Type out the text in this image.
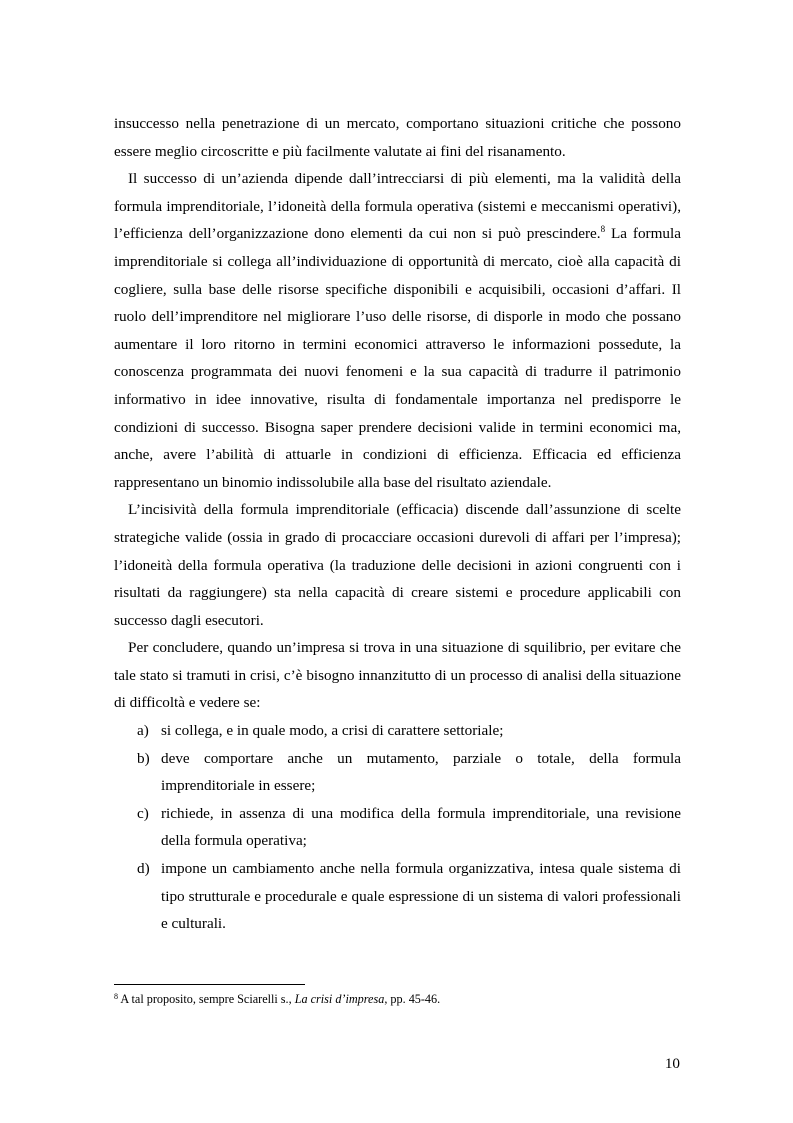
insuccesso nella penetrazione di un mercato, comportano situazioni critiche che possono essere meglio circoscritte e più facilmente valutate ai fini del risanamento.

Il successo di un’azienda dipende dall’intrecciarsi di più elementi, ma la validità della formula imprenditoriale, l’idoneità della formula operativa (sistemi e meccanismi operativi), l’efficienza dell’organizzazione dono elementi da cui non si può prescindere.$^8$ La formula imprenditoriale si collega all’individuazione di opportunità di mercato, cioè alla capacità di cogliere, sulla base delle risorse specifiche disponibili e acquisibili, occasioni d’affari. Il ruolo dell’imprenditore nel migliorare l’uso delle risorse, di disporle in modo che possano aumentare il loro ritorno in termini economici attraverso le informazioni possedute, la conoscenza programmata dei nuovi fenomeni e la sua capacità di tradurre il patrimonio informativo in idee innovative, risulta di fondamentale importanza nel predisporre le condizioni di successo. Bisogna saper prendere decisioni valide in termini economici ma, anche, avere l’abilità di attuarle in condizioni di efficienza. Efficacia ed efficienza rappresentano un binomio indissolubile alla base del risultato aziendale.

L’incisività della formula imprenditoriale (efficacia) discende dall’assunzione di scelte strategiche valide (ossia in grado di procacciare occasioni durevoli di affari per l’impresa); l’idoneità della formula operativa (la traduzione delle decisioni in azioni congruenti con i risultati da raggiungere) sta nella capacità di creare sistemi e procedure applicabili con successo dagli esecutori.

Per concludere, quando un’impresa si trova in una situazione di squilibrio, per evitare che tale stato si tramuti in crisi, c’è bisogno innanzitutto di un processo di analisi della situazione di difficoltà e vedere se:

a) si collega, e in quale modo, a crisi di carattere settoriale;
b) deve comportare anche un mutamento, parziale o totale, della formula imprenditoriale in essere;
c) richiede, in assenza di una modifica della formula imprenditoriale, una revisione della formula operativa;
d) impone un cambiamento anche nella formula organizzativa, intesa quale sistema di tipo strutturale e procedurale e quale espressione di un sistema di valori professionali e culturali.
$^8$ A tal proposito, sempre Sciarelli s., La crisi d’impresa, pp. 45-46.
10
